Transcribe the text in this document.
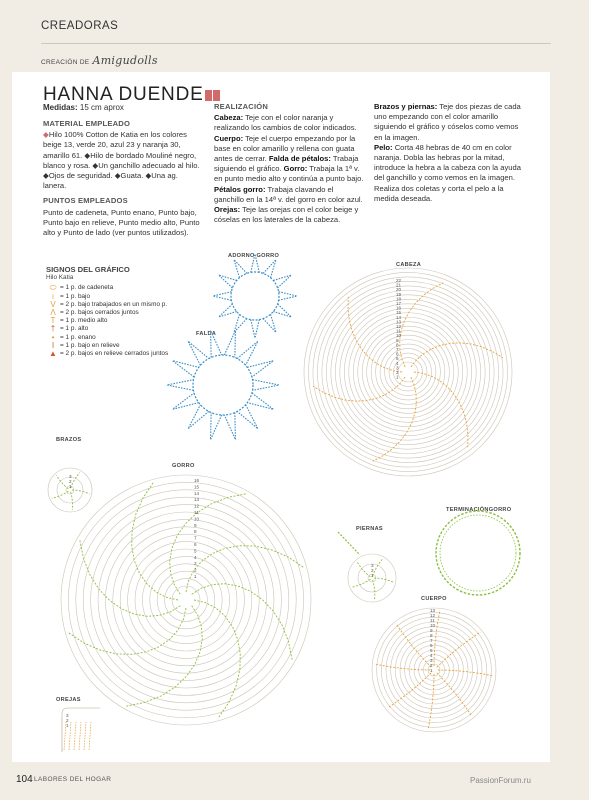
CREADORAS
CREACIÓN DE Amigudolls
HANNA DUENDE
Medidas: 15 cm aprox
MATERIAL EMPLEADO

◆Hilo 100% Cotton de Katia en los colores beige 13, verde 20, azul 23 y naranja 30, amarillo 61. ◆Hilo de bordado Mouliné negro, blanco y rosa. ◆Un ganchillo adecuado al hilo. ◆Ojos de seguridad. ◆Guata. ◆Una ag. lanera.

PUNTOS EMPLEADOS

Punto de cadeneta, Punto enano, Punto bajo, Punto bajo en relieve, Punto medio alto, Punto alto y Punto de lado (ver puntos utilizados).

REALIZACIÓN

Cabeza: Teje con el color naranja y realizando los cambios de color indicados. Cuerpo: Teje el cuerpo empezando por la base en color amarillo y rellena con guata antes de cerrar. Falda de pétalos: Trabaja siguiendo el gráfico. Gorro: Trabaja la 1ª v. en punto medio alto y continúa a punto bajo. Pétalos gorro: Trabaja clavando el ganchillo en la 14ª v. del gorro en color azul. Orejas: Teje las orejas con el color beige y cóselas en los laterales de la cabeza.

Brazos y piernas: Teje dos piezas de cada uno empezando con el color amarillo siguiendo el gráfico y cóselos como vemos en la imagen.

Pelo: Corta 48 hebras de 40 cm en color naranja. Dobla las hebras por la mitad, introduce la hebra a la cabeza con la ayuda del ganchillo y como vemos en la imagen. Realiza dos coletas y corta el pelo a la medida deseada.

SIGNOS DEL GRÁFICO
Hilo Katia
⬭ = 1 p. de cadeneta
ı = 1 p. bajo
V = 2 p. bajo trabajados en un mismo p.
Λ = 2 p. bajos cerrados juntos
T = 1 p. medio alto
† = 1 p. alto
• = 1 p. enano
ǀ = 1 p. bajo en relieve
▲ = 2 p. bajos en relieve cerrados juntos
ADORNO GORRO
CABEZA
FALDA
BRAZOS
GORRO
PIERNAS
TERMINACIÓNGORRO
CUERPO
OREJAS
22
21
20
19
18
17
16
15
14
13
12
11
10
9
8
7
6
5
4
3
2
1
3
2
1
16
15
14
13
12
11
10
9
8
7
6
5
4
3
2
1
3
2
1
13
12
11
10
9
8
7
6
5
4
3
2
1
3
2
1
104 LABORES DEL HOGAR	PassionForum.ru
